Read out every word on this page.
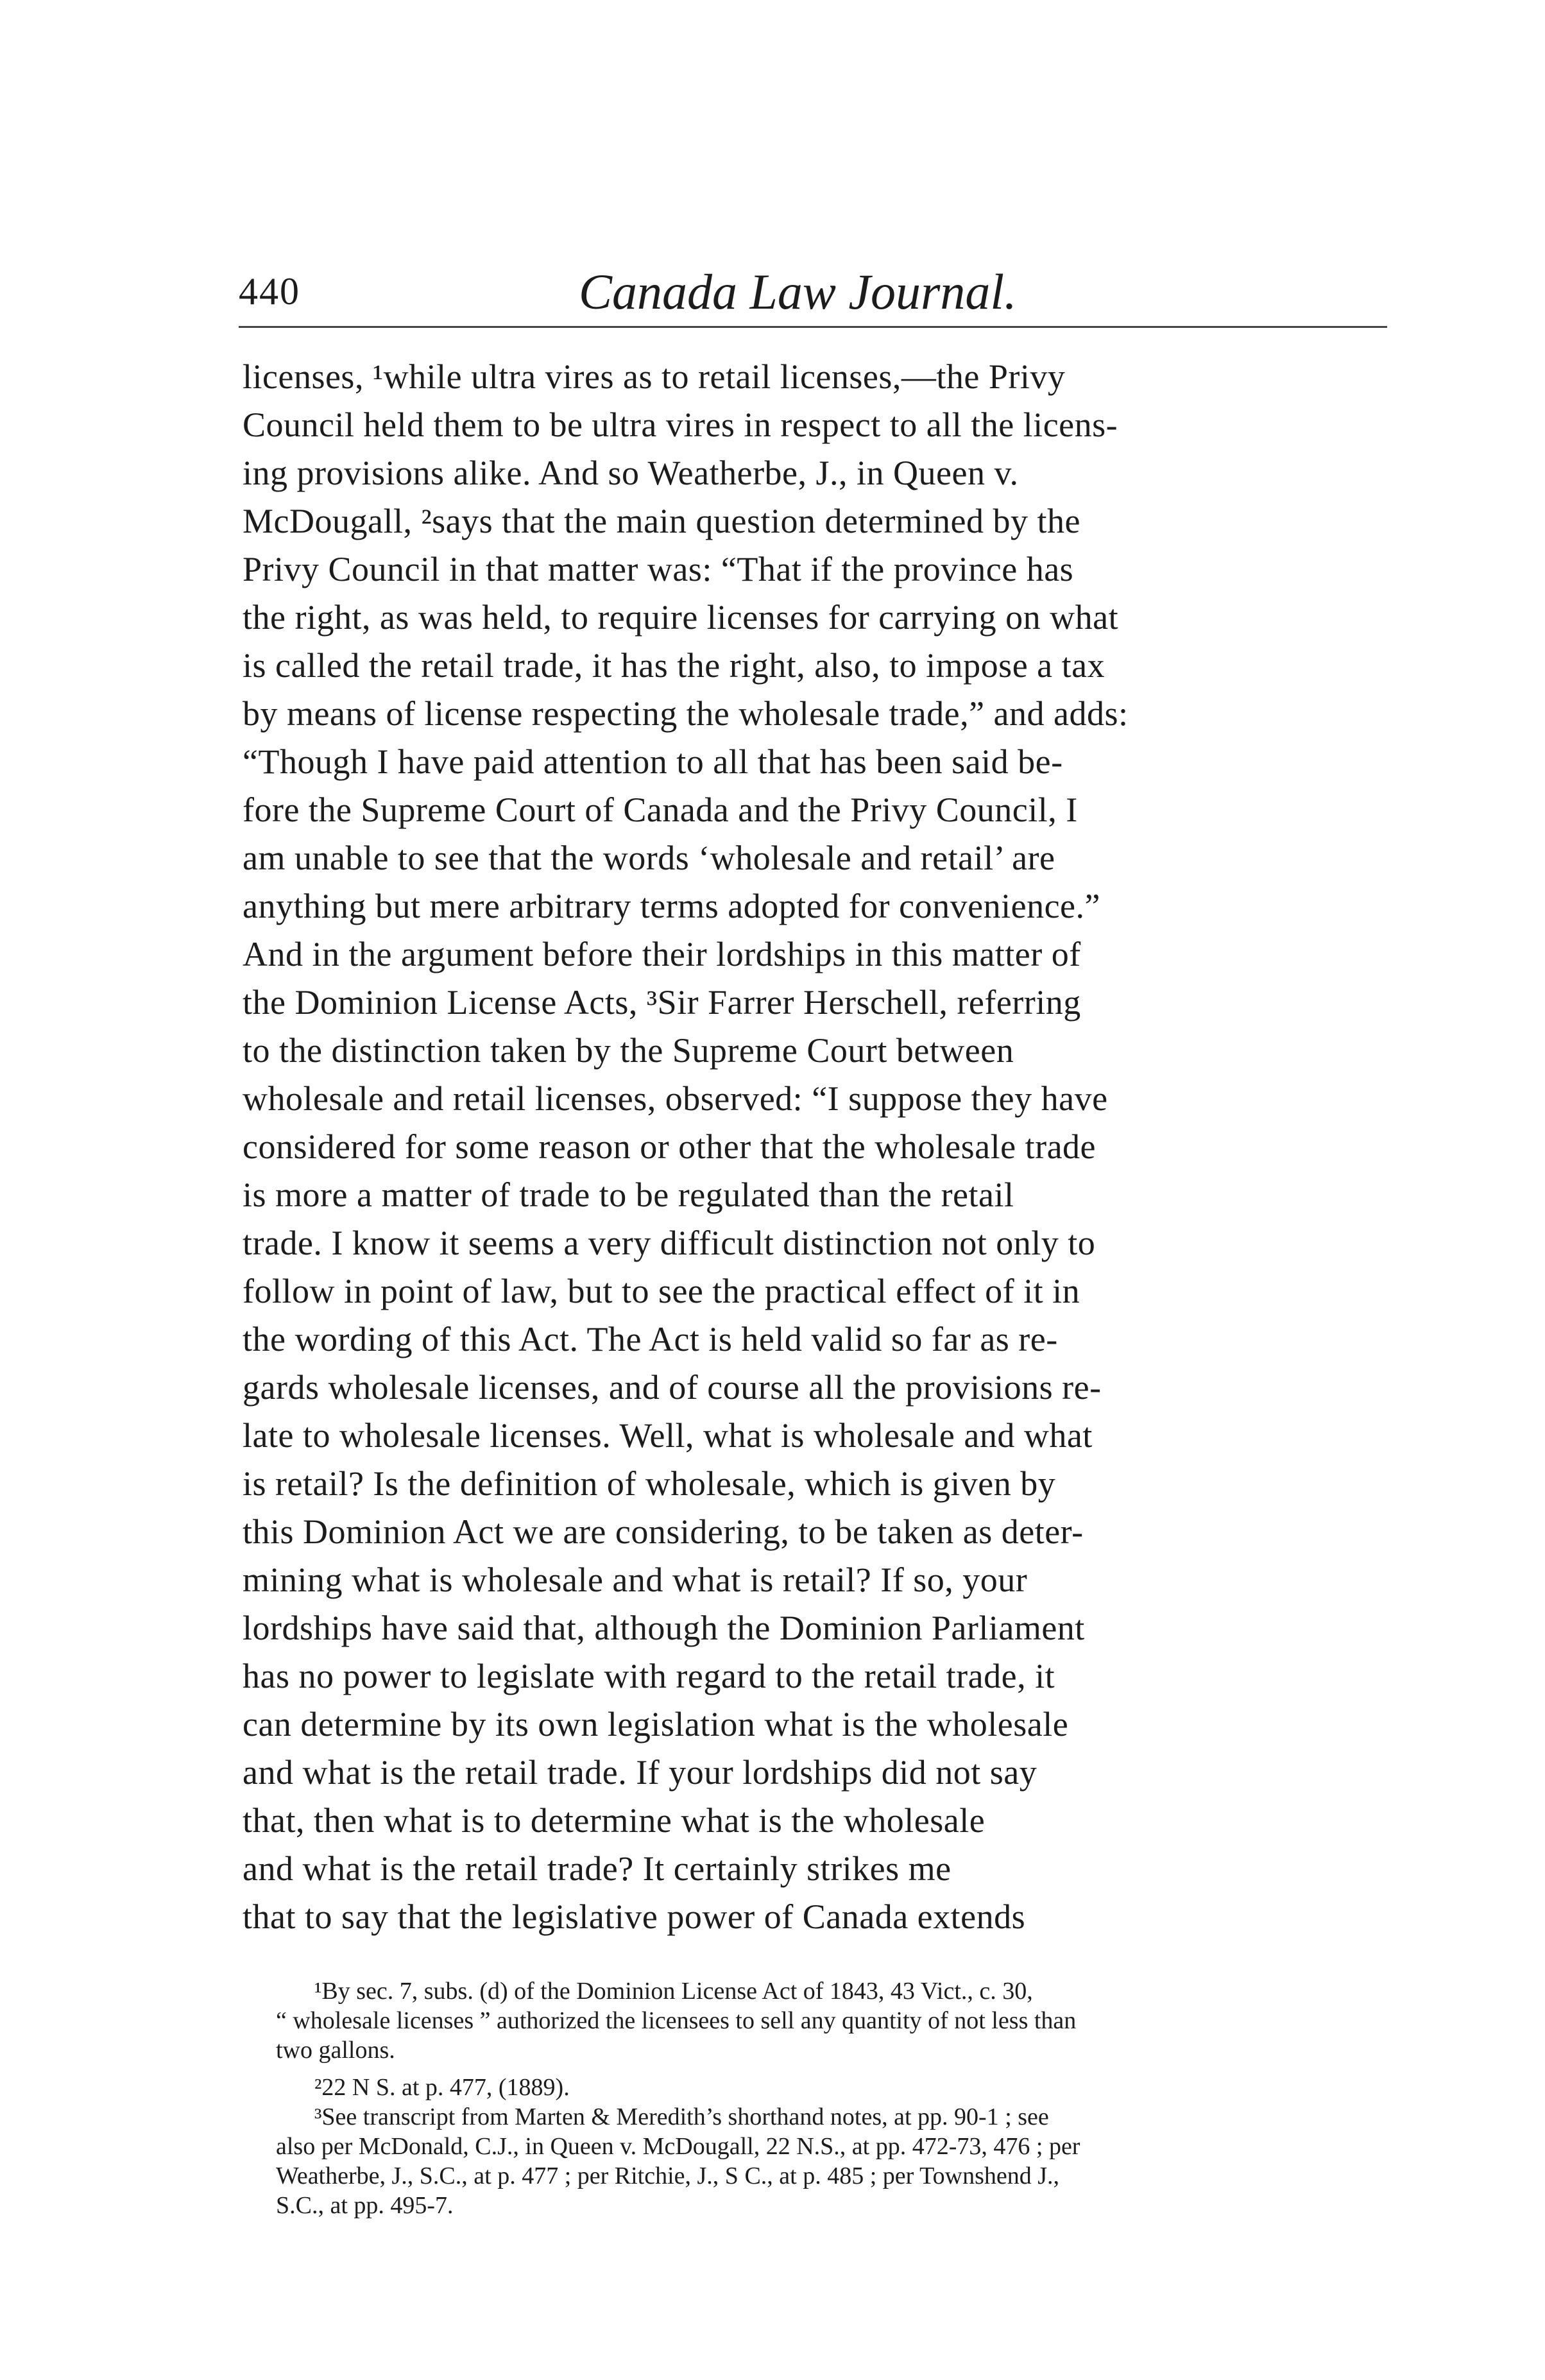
440	Canada Law Journal.
licenses, ¹while ultra vires as to retail licenses,—the Privy
Council held them to be ultra vires in respect to all the licens-
ing provisions alike. And so Weatherbe, J., in Queen v.
McDougall, ²says that the main question determined by the
Privy Council in that matter was: “That if the province has
the right, as was held, to require licenses for carrying on what
is called the retail trade, it has the right, also, to impose a tax
by means of license respecting the wholesale trade,” and adds:
“Though I have paid attention to all that has been said be-
fore the Supreme Court of Canada and the Privy Council, I
am unable to see that the words ‘wholesale and retail’ are
anything but mere arbitrary terms adopted for convenience.”
And in the argument before their lordships in this matter of
the Dominion License Acts, ³Sir Farrer Herschell, referring
to the distinction taken by the Supreme Court between
wholesale and retail licenses, observed: “I suppose they have
considered for some reason or other that the wholesale trade
is more a matter of trade to be regulated than the retail
trade. I know it seems a very difficult distinction not only to
follow in point of law, but to see the practical effect of it in
the wording of this Act. The Act is held valid so far as re-
gards wholesale licenses, and of course all the provisions re-
late to wholesale licenses. Well, what is wholesale and what
is retail? Is the definition of wholesale, which is given by
this Dominion Act we are considering, to be taken as deter-
mining what is wholesale and what is retail? If so, your
lordships have said that, although the Dominion Parliament
has no power to legislate with regard to the retail trade, it
can determine by its own legislation what is the wholesale
and what is the retail trade. If your lordships did not say
that, then what is to determine what is the wholesale
and what is the retail trade? It certainly strikes me
that to say that the legislative power of Canada extends
¹By sec. 7, subs. (d) of the Dominion License Act of 1843, 43 Vict., c. 30,
“ wholesale licenses ” authorized the licensees to sell any quantity of not less than
two gallons.
²22 N S. at p. 477, (1889).
³See transcript from Marten & Meredith’s shorthand notes, at pp. 90-1 ; see
also per McDonald, C.J., in Queen v. McDougall, 22 N.S., at pp. 472-73, 476 ; per
Weatherbe, J., S.C., at p. 477 ; per Ritchie, J., S C., at p. 485 ; per Townshend J.,
S.C., at pp. 495-7.
